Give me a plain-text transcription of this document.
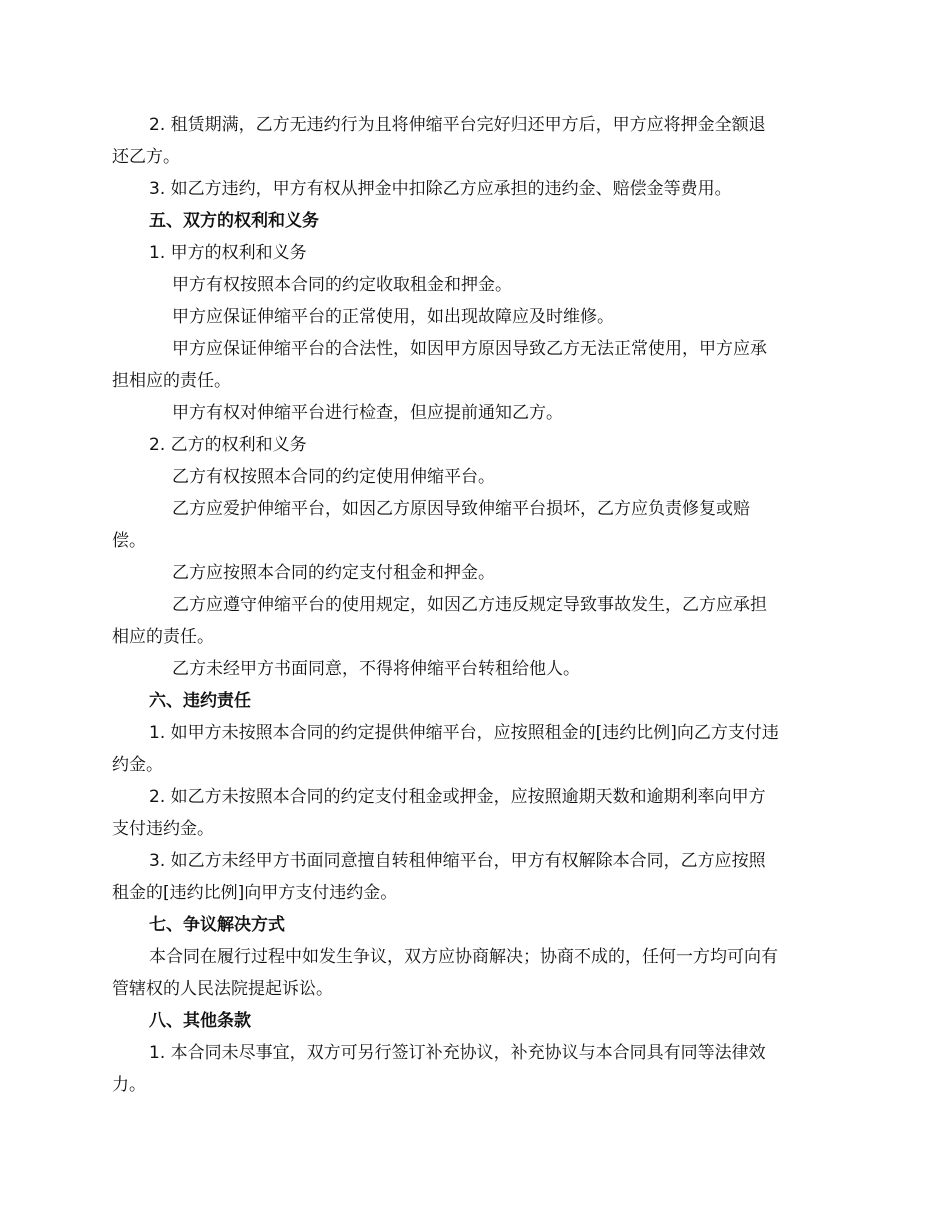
2. 租赁期满，乙方无违约行为且将伸缩平台完好归还甲方后，甲方应将押金全额退
还乙方。
3. 如乙方违约，甲方有权从押金中扣除乙方应承担的违约金、赔偿金等费用。
五、双方的权利和义务
1. 甲方的权利和义务
甲方有权按照本合同的约定收取租金和押金。
甲方应保证伸缩平台的正常使用，如出现故障应及时维修。
甲方应保证伸缩平台的合法性，如因甲方原因导致乙方无法正常使用，甲方应承
担相应的责任。
甲方有权对伸缩平台进行检查，但应提前通知乙方。
2. 乙方的权利和义务
乙方有权按照本合同的约定使用伸缩平台。
乙方应爱护伸缩平台，如因乙方原因导致伸缩平台损坏，乙方应负责修复或赔
偿。
乙方应按照本合同的约定支付租金和押金。
乙方应遵守伸缩平台的使用规定，如因乙方违反规定导致事故发生，乙方应承担
相应的责任。
乙方未经甲方书面同意，不得将伸缩平台转租给他人。
六、违约责任
1. 如甲方未按照本合同的约定提供伸缩平台，应按照租金的[违约比例]向乙方支付违
约金。
2. 如乙方未按照本合同的约定支付租金或押金，应按照逾期天数和逾期利率向甲方
支付违约金。
3. 如乙方未经甲方书面同意擅自转租伸缩平台，甲方有权解除本合同，乙方应按照
租金的[违约比例]向甲方支付违约金。
七、争议解决方式
本合同在履行过程中如发生争议，双方应协商解决；协商不成的，任何一方均可向有
管辖权的人民法院提起诉讼。
八、其他条款
1. 本合同未尽事宜，双方可另行签订补充协议，补充协议与本合同具有同等法律效
力。
